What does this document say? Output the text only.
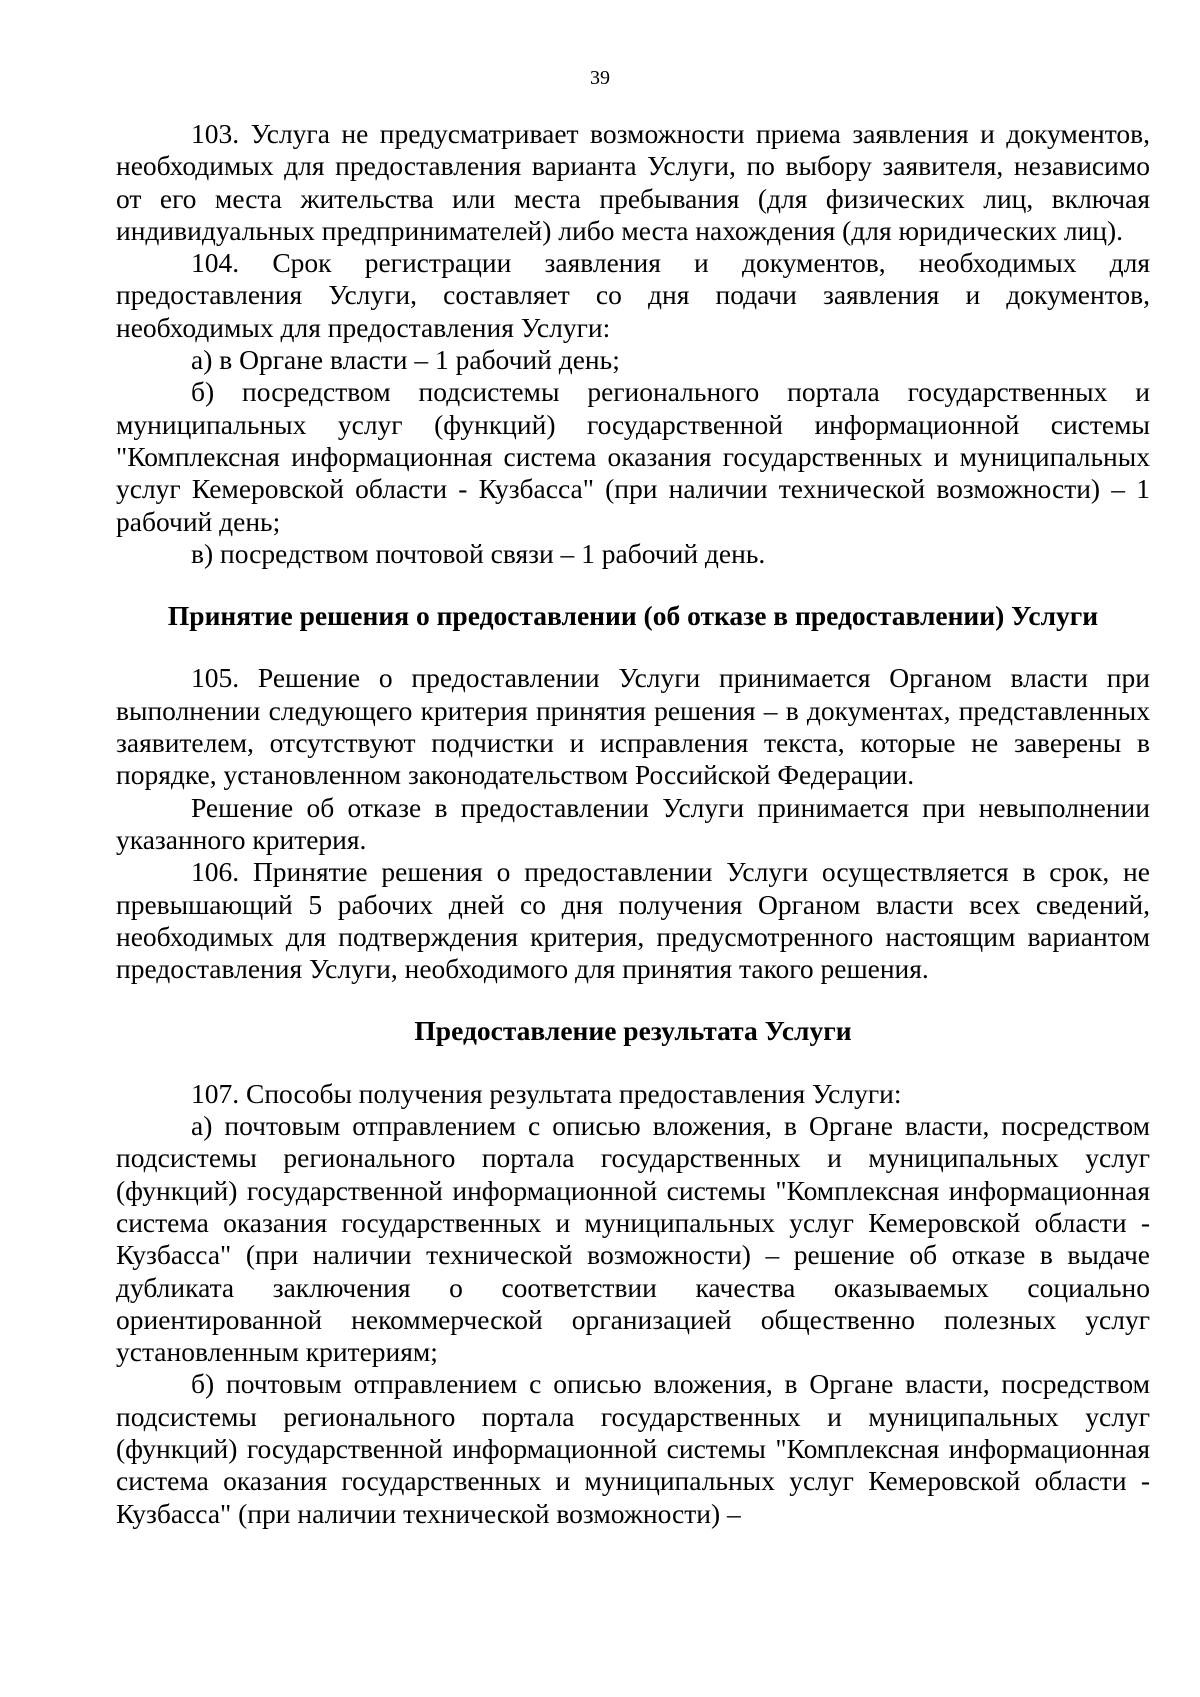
39

103. Услуга не предусматривает возможности приема заявления и документов, необходимых для предоставления варианта Услуги, по выбору заявителя, независимо от его места жительства или места пребывания (для физических лиц, включая индивидуальных предпринимателей) либо места нахождения (для юридических лиц).

104. Срок регистрации заявления и документов, необходимых для предоставления Услуги, составляет со дня подачи заявления и документов, необходимых для предоставления Услуги:

а) в Органе власти – 1 рабочий день;

б) посредством подсистемы регионального портала государственных и муниципальных услуг (функций) государственной информационной системы "Комплексная информационная система оказания государственных и муниципальных услуг Кемеровской области - Кузбасса" (при наличии технической возможности) – 1 рабочий день;

в) посредством почтовой связи – 1 рабочий день.

Принятие решения о предоставлении (об отказе в предоставлении) Услуги

105. Решение о предоставлении Услуги принимается Органом власти при выполнении следующего критерия принятия решения – в документах, представленных заявителем, отсутствуют подчистки и исправления текста, которые не заверены в порядке, установленном законодательством Российской Федерации.

Решение об отказе в предоставлении Услуги принимается при невыполнении указанного критерия.

106. Принятие решения о предоставлении Услуги осуществляется в срок, не превышающий 5 рабочих дней со дня получения Органом власти всех сведений, необходимых для подтверждения критерия, предусмотренного настоящим вариантом предоставления Услуги, необходимого для принятия такого решения.

Предоставление результата Услуги

107. Способы получения результата предоставления Услуги:

а) почтовым отправлением с описью вложения, в Органе власти, посредством подсистемы регионального портала государственных и муниципальных услуг (функций) государственной информационной системы "Комплексная информационная система оказания государственных и муниципальных услуг Кемеровской области - Кузбасса" (при наличии технической возможности) – решение об отказе в выдаче дубликата заключения о соответствии качества оказываемых социально ориентированной некоммерческой организацией общественно полезных услуг установленным критериям;

б) почтовым отправлением с описью вложения, в Органе власти, посредством подсистемы регионального портала государственных и муниципальных услуг (функций) государственной информационной системы "Комплексная информационная система оказания государственных и муниципальных услуг Кемеровской области - Кузбасса" (при наличии технической возможности) –
